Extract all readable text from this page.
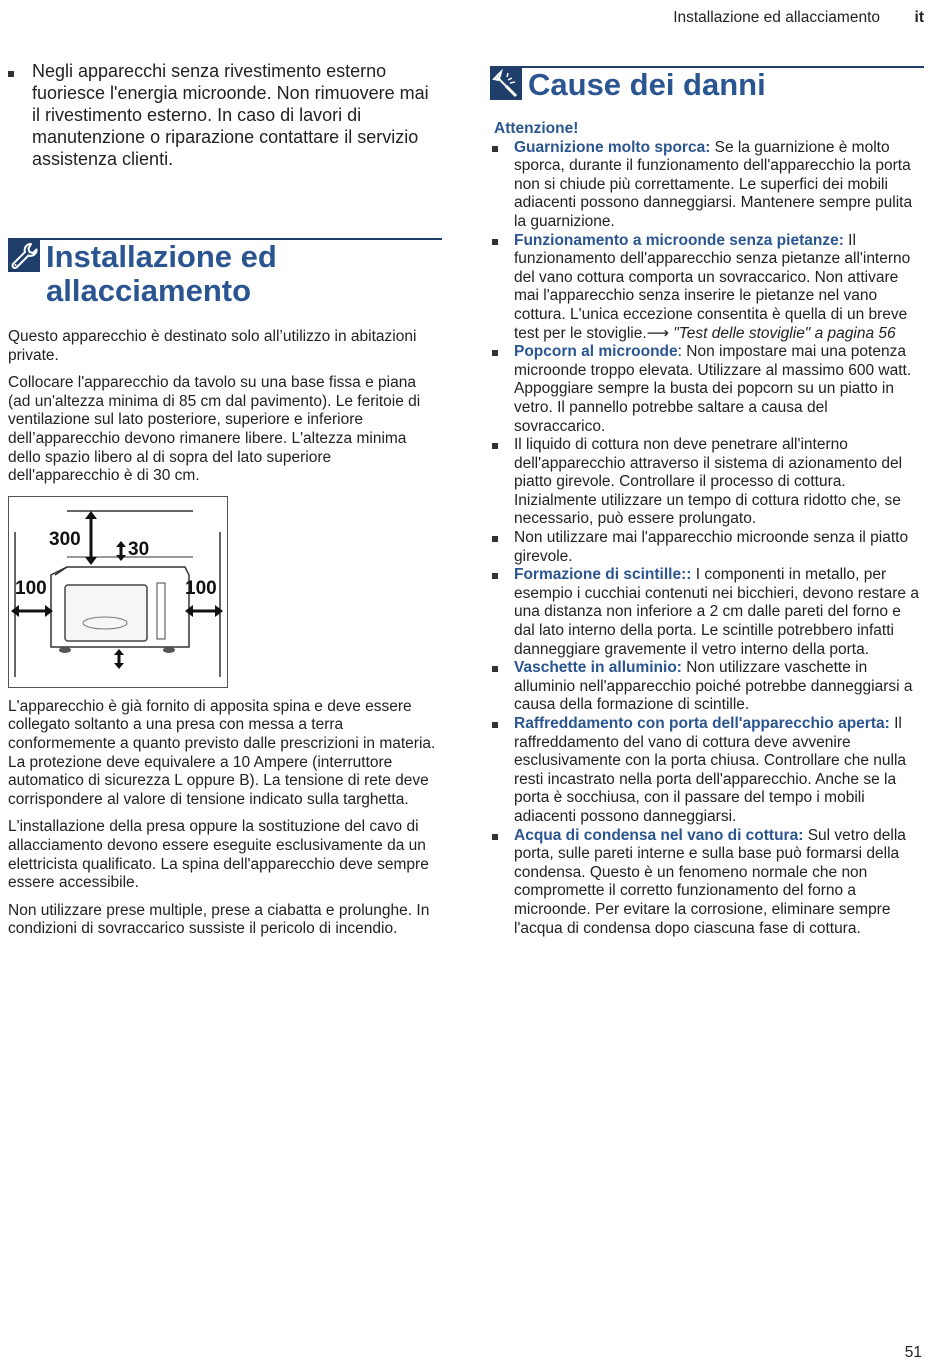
Installazione ed allacciamento it
Negli apparecchi senza rivestimento esterno fuoriesce l'energia microonde. Non rimuovere mai il rivestimento esterno. In caso di lavori di manutenzione o riparazione contattare il servizio assistenza clienti.
Installazione ed allacciamento

Questo apparecchio è destinato solo all’utilizzo in abitazioni private.

Collocare l'apparecchio da tavolo su una base fissa e piana (ad un'altezza minima di 85 cm dal pavimento). Le feritoie di ventilazione sul lato posteriore, superiore e inferiore dell’apparecchio devono rimanere libere. L'altezza minima dello spazio libero al di sopra del lato superiore dell'apparecchio è di 30 cm.

300 30
100	100

L'apparecchio è già fornito di apposita spina e deve essere collegato soltanto a una presa con messa a terra conformemente a quanto previsto dalle prescrizioni in materia. La protezione deve equivalere a 10 Ampere (interruttore automatico di sicurezza L oppure B). La tensione di rete deve corrispondere al valore di tensione indicato sulla targhetta.

L'installazione della presa oppure la sostituzione del cavo di allacciamento devono essere eseguite esclusivamente da un elettricista qualificato. La spina dell'apparecchio deve sempre essere accessibile.

Non utilizzare prese multiple, prese a ciabatta e prolunghe. In condizioni di sovraccarico sussiste il pericolo di incendio.

Cause dei danni
Attenzione!
Guarnizione molto sporca: Se la guarnizione è molto sporca, durante il funzionamento dell'apparecchio la porta non si chiude più correttamente. Le superfici dei mobili adiacenti possono danneggiarsi. Mantenere sempre pulita la guarnizione.
Funzionamento a microonde senza pietanze: Il funzionamento dell'apparecchio senza pietanze all'interno del vano cottura comporta un sovraccarico. Non attivare mai l'apparecchio senza inserire le pietanze nel vano cottura. L'unica eccezione consentita è quella di un breve test per le stoviglie.⟶ "Test delle stoviglie" a pagina 56
Popcorn al microonde: Non impostare mai una potenza microonde troppo elevata. Utilizzare al massimo 600 watt. Appoggiare sempre la busta dei popcorn su un piatto in vetro. Il pannello potrebbe saltare a causa del sovraccarico.
Il liquido di cottura non deve penetrare all'interno dell'apparecchio attraverso il sistema di azionamento del piatto girevole. Controllare il processo di cottura. Inizialmente utilizzare un tempo di cottura ridotto che, se necessario, può essere prolungato.
Non utilizzare mai l'apparecchio microonde senza il piatto girevole.
Formazione di scintille:: I componenti in metallo, per esempio i cucchiai contenuti nei bicchieri, devono restare a una distanza non inferiore a 2 cm dalle pareti del forno e dal lato interno della porta. Le scintille potrebbero infatti danneggiare gravemente il vetro interno della porta.
Vaschette in alluminio: Non utilizzare vaschette in alluminio nell'apparecchio poiché potrebbe danneggiarsi a causa della formazione di scintille.
Raffreddamento con porta dell'apparecchio aperta: Il raffreddamento del vano di cottura deve avvenire esclusivamente con la porta chiusa. Controllare che nulla resti incastrato nella porta dell'apparecchio. Anche se la porta è socchiusa, con il passare del tempo i mobili adiacenti possono danneggiarsi.
Acqua di condensa nel vano di cottura: Sul vetro della porta, sulle pareti interne e sulla base può formarsi della condensa. Questo è un fenomeno normale che non compromette il corretto funzionamento del forno a microonde. Per evitare la corrosione, eliminare sempre l'acqua di condensa dopo ciascuna fase di cottura.
51
